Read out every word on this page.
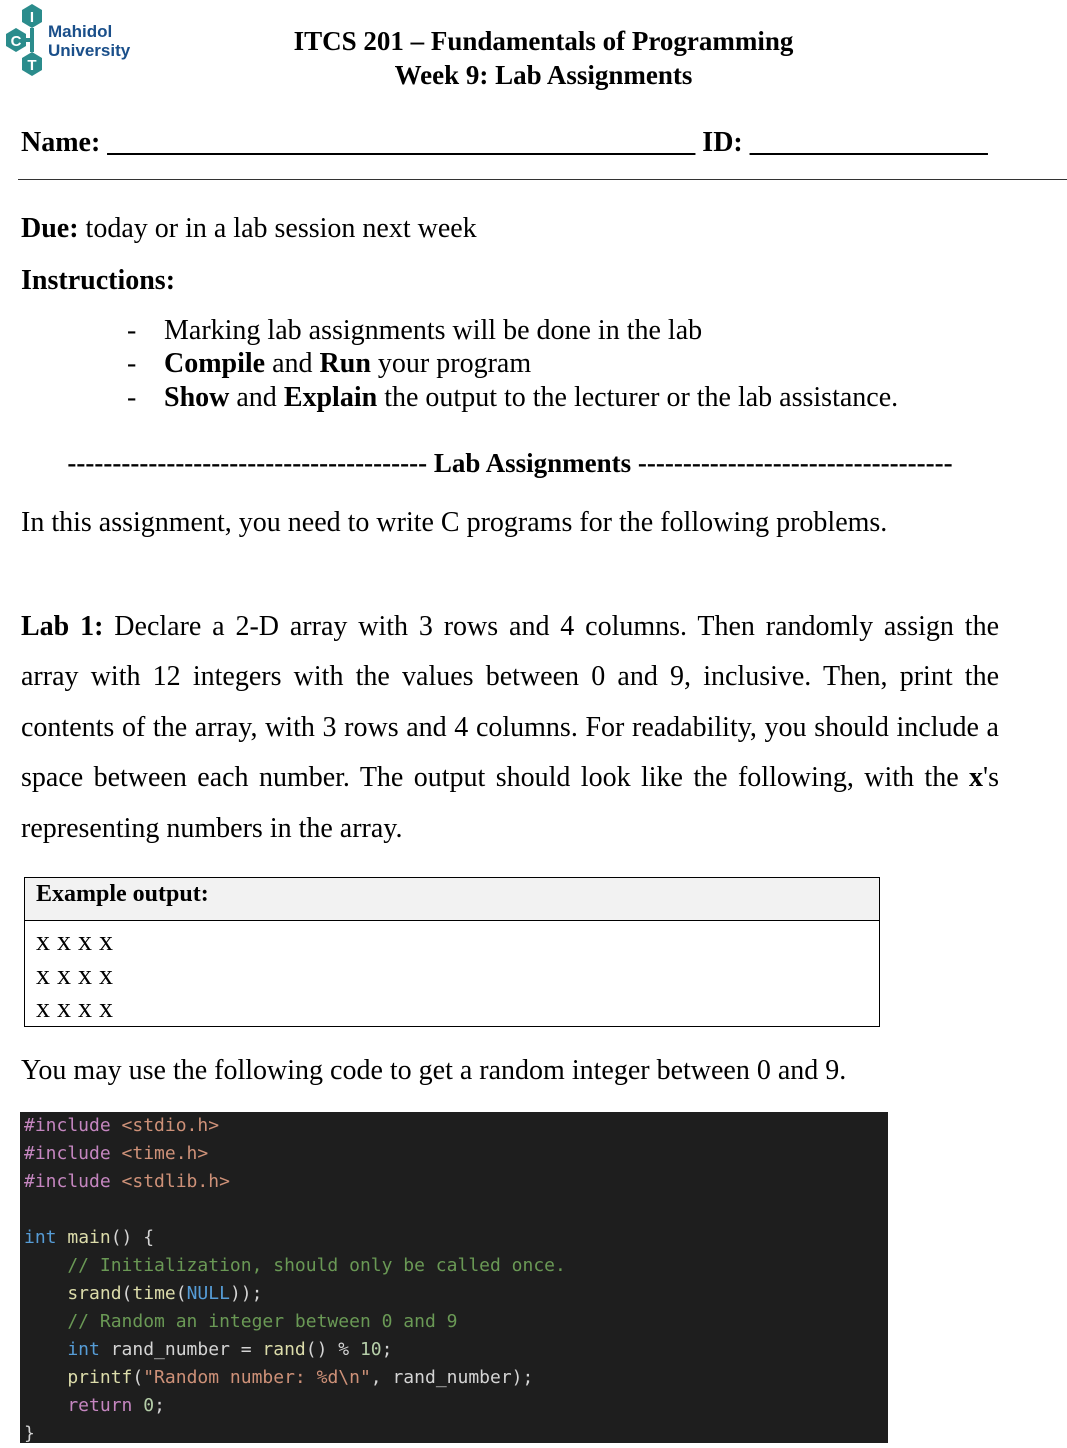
I
C
T
Mahidol
University	ITCS 201 – Fundamentals of Programming
Week 9: Lab Assignments
Name: __________________________________________ ID: _________________
Due: today or in a lab session next week
Instructions:
- Marking lab assignments will be done in the lab
- Compile and Run your program
- Show and Explain the output to the lecturer or the lab assistance.
---------------------------------------- Lab Assignments -----------------------------------
In this assignment, you need to write C programs for the following problems.
Lab 1: Declare a 2-D array with 3 rows and 4 columns. Then randomly assign the array with 12 integers with the values between 0 and 9, inclusive. Then, print the contents of the array, with 3 rows and 4 columns. For readability, you should include a space between each number. The output should look like the following, with the x's representing numbers in the array.
Example output:
x x x x
x x x x
x x x x
You may use the following code to get a random integer between 0 and 9.
#include <stdio.h>
#include <time.h>
#include <stdlib.h>
int main() {
// Initialization, should only be called once.
srand(time(NULL));
// Random an integer between 0 and 9
int rand_number = rand() % 10;
printf("Random number: %d\n", rand_number);
return 0;
}
